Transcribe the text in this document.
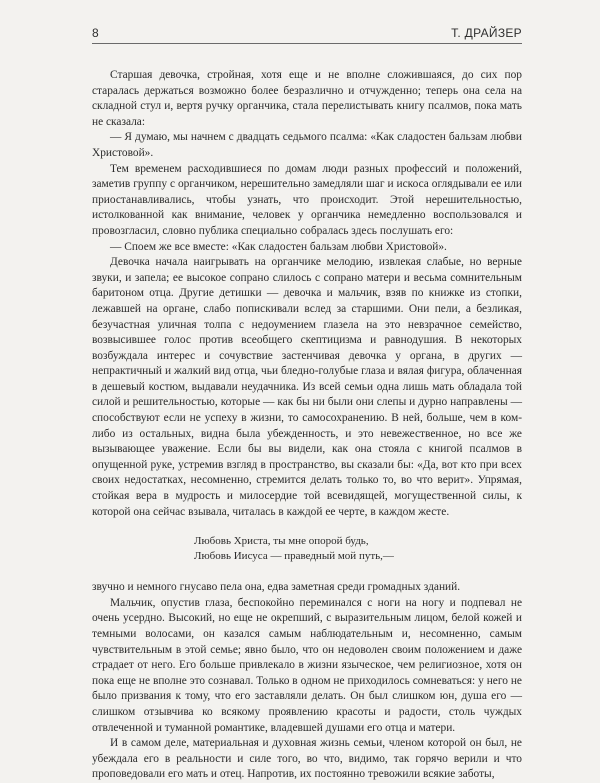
8	Т. ДРАЙЗЕР

Старшая девочка, стройная, хотя еще и не вполне сложившаяся, до сих пор старалась держаться возможно более безразлично и отчужденно; теперь она села на складной стул и, вертя ручку органчика, стала перелистывать книгу псалмов, пока мать не сказала:

— Я думаю, мы начнем с двадцать седьмого псалма: «Как сладостен бальзам любви Христовой».

Тем временем расходившиеся по домам люди разных профессий и положений, заметив группу с органчиком, нерешительно замедляли шаг и искоса оглядывали ее или приостанавливались, чтобы узнать, что происходит. Этой нерешительностью, истолкованной как внимание, человек у органчика немедленно воспользовался и провозгласил, словно публика специально собралась здесь послушать его:

— Споем же все вместе: «Как сладостен бальзам любви Христовой».

Девочка начала наигрывать на органчике мелодию, извлекая слабые, но верные звуки, и запела; ее высокое сопрано слилось с сопрано матери и весьма сомнительным баритоном отца. Другие детишки — девочка и мальчик, взяв по книжке из стопки, лежавшей на органе, слабо попискивали вслед за старшими. Они пели, а безликая, безучастная уличная толпа с недоумением глазела на это невзрачное семейство, возвысившее голос против всеобщего скептицизма и равнодушия. В некоторых возбуждала интерес и сочувствие застенчивая девочка у органа, в других — непрактичный и жалкий вид отца, чьи бледно-голубые глаза и вялая фигура, облаченная в дешевый костюм, выдавали неудачника. Из всей семьи одна лишь мать обладала той силой и решительностью, которые — как бы ни были они слепы и дурно направлены — способствуют если не успеху в жизни, то самосохранению. В ней, больше, чем в ком-либо из остальных, видна была убежденность, и это невежественное, но все же вызывающее уважение. Если бы вы видели, как она стояла с книгой псалмов в опущенной руке, устремив взгляд в пространство, вы сказали бы: «Да, вот кто при всех своих недостатках, несомненно, стремится делать только то, во что верит». Упрямая, стойкая вера в мудрость и милосердие той всевидящей, могущественной силы, к которой она сейчас взывала, читалась в каждой ее черте, в каждом жесте.

Любовь Христа, ты мне опорой будь,
Любовь Иисуса — праведный мой путь,—

звучно и немного гнусаво пела она, едва заметная среди громадных зданий.

Мальчик, опустив глаза, беспокойно переминался с ноги на ногу и подпевал не очень усердно. Высокий, но еще не окрепший, с выразительным лицом, белой кожей и темными волосами, он казался самым наблюдательным и, несомненно, самым чувствительным в этой семье; явно было, что он недоволен своим положением и даже страдает от него. Его больше привлекало в жизни языческое, чем религиозное, хотя он пока еще не вполне это сознавал. Только в одном не приходилось сомневаться: у него не было призвания к тому, что его заставляли делать. Он был слишком юн, душа его — слишком отзывчива ко всякому проявлению красоты и радости, столь чуждых отвлеченной и туманной романтике, владевшей душами его отца и матери.

И в самом деле, материальная и духовная жизнь семьи, членом которой он был, не убеждала его в реальности и силе того, во что, видимо, так горячо верили и что проповедовали его мать и отец. Напротив, их постоянно тревожили всякие заботы,
